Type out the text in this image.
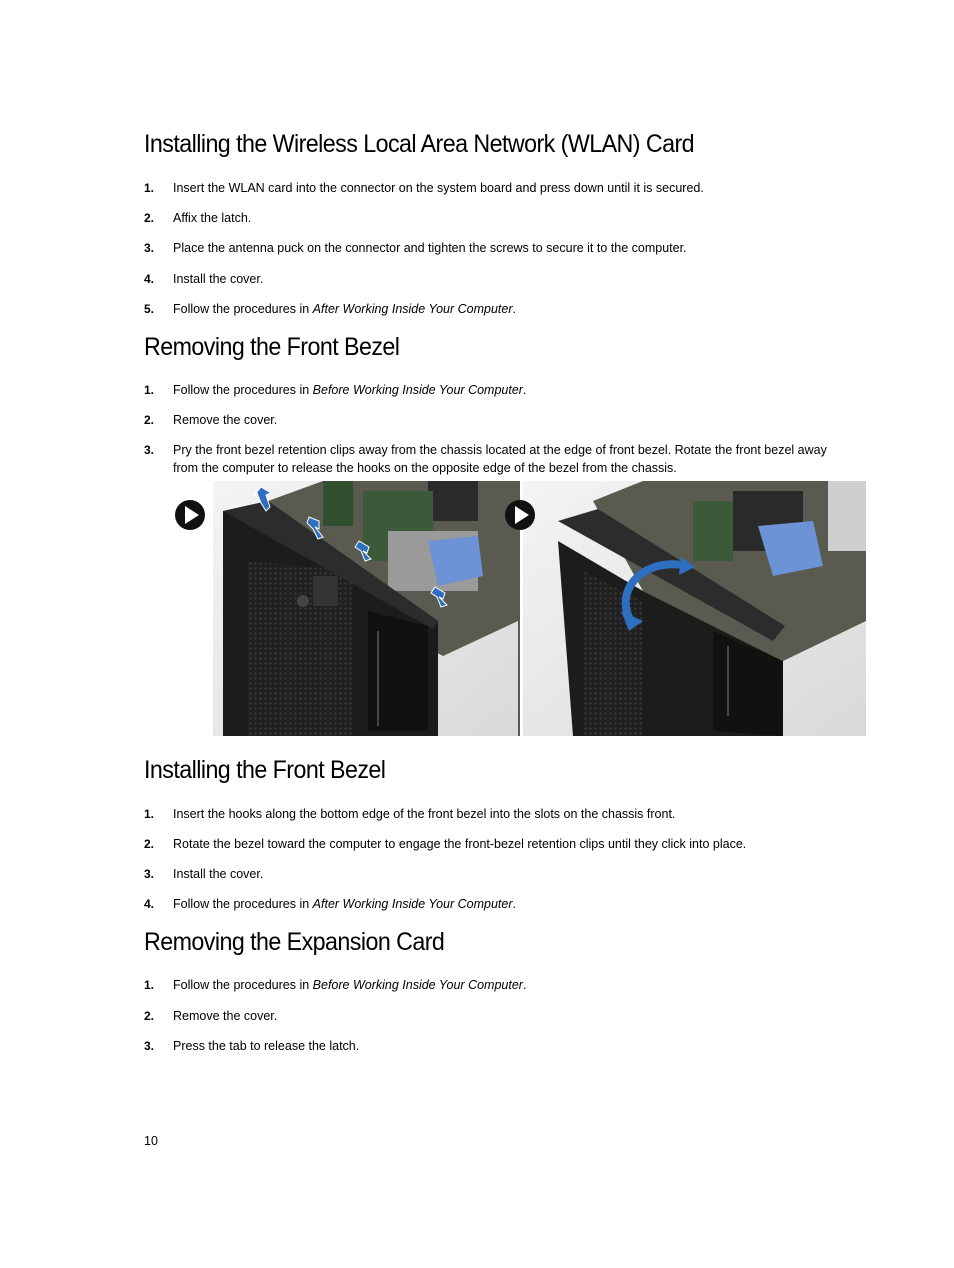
Installing the Wireless Local Area Network (WLAN) Card
1. Insert the WLAN card into the connector on the system board and press down until it is secured.
2. Affix the latch.
3. Place the antenna puck on the connector and tighten the screws to secure it to the computer.
4. Install the cover.
5. Follow the procedures in After Working Inside Your Computer.
Removing the Front Bezel
1. Follow the procedures in Before Working Inside Your Computer.
2. Remove the cover.
3. Pry the front bezel retention clips away from the chassis located at the edge of front bezel. Rotate the front bezel away from the computer to release the hooks on the opposite edge of the bezel from the chassis.
Installing the Front Bezel
1. Insert the hooks along the bottom edge of the front bezel into the slots on the chassis front.
2. Rotate the bezel toward the computer to engage the front-bezel retention clips until they click into place.
3. Install the cover.
4. Follow the procedures in After Working Inside Your Computer.
Removing the Expansion Card
1. Follow the procedures in Before Working Inside Your Computer.
2. Remove the cover.
3. Press the tab to release the latch.
10
